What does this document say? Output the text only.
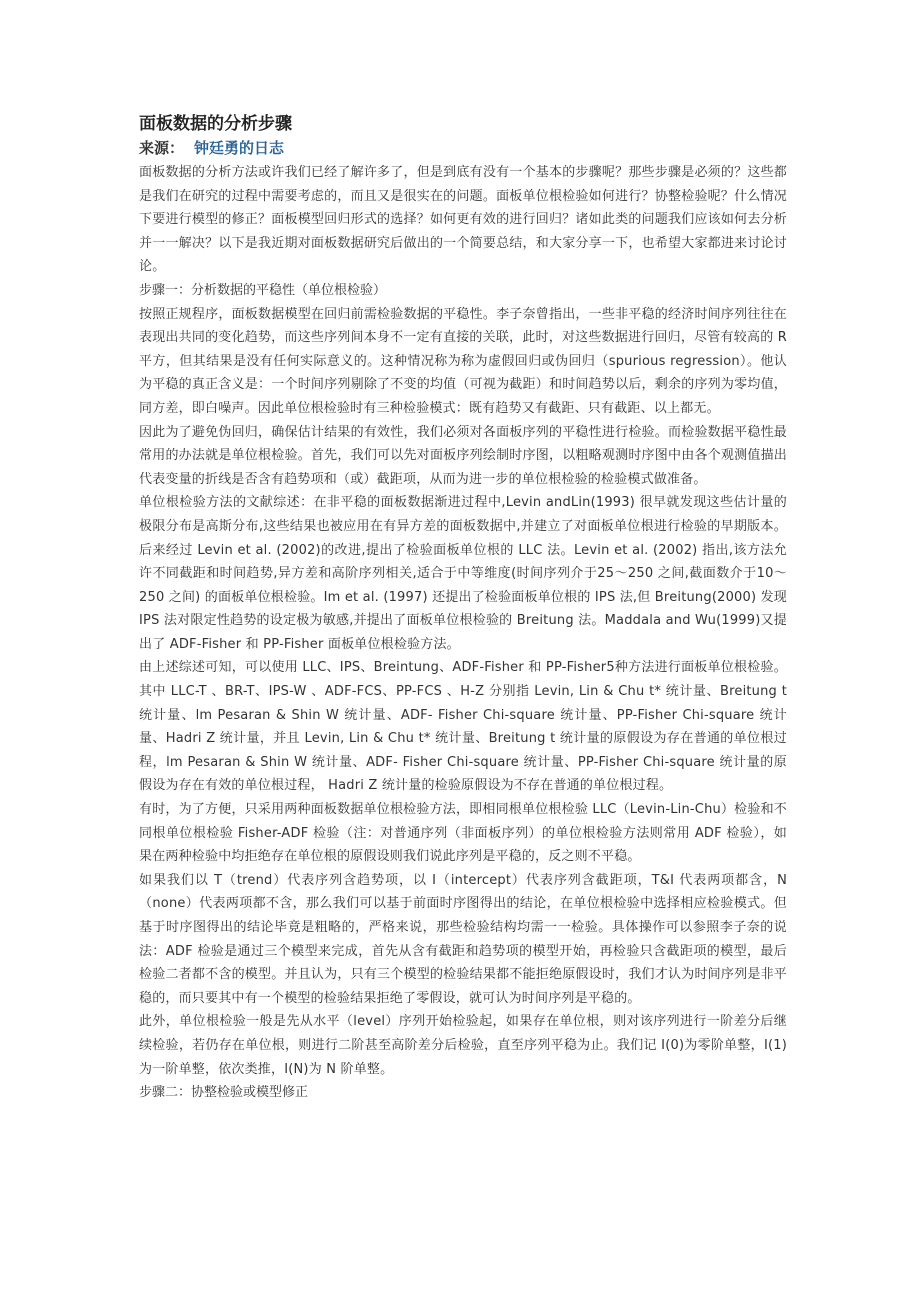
面板数据的分析步骤
来源： 钟廷勇的日志

面板数据的分析方法或许我们已经了解许多了，但是到底有没有一个基本的步骤呢？那些步骤是必须的？这些都是我们在研究的过程中需要考虑的，而且又是很实在的问题。面板单位根检验如何进行？协整检验呢？什么情况下要进行模型的修正？面板模型回归形式的选择？如何更有效的进行回归？诸如此类的问题我们应该如何去分析并一一解决？以下是我近期对面板数据研究后做出的一个简要总结，和大家分享一下，也希望大家都进来讨论讨论。

步骤一：分析数据的平稳性（单位根检验）

按照正规程序，面板数据模型在回归前需检验数据的平稳性。李子奈曾指出，一些非平稳的经济时间序列往往在表现出共同的变化趋势，而这些序列间本身不一定有直接的关联，此时，对这些数据进行回归，尽管有较高的 R 平方，但其结果是没有任何实际意义的。这种情况称为称为虚假回归或伪回归（spurious regression）。他认为平稳的真正含义是：一个时间序列剔除了不变的均值（可视为截距）和时间趋势以后，剩余的序列为零均值，同方差，即白噪声。因此单位根检验时有三种检验模式：既有趋势又有截距、只有截距、以上都无。

因此为了避免伪回归，确保估计结果的有效性，我们必须对各面板序列的平稳性进行检验。而检验数据平稳性最常用的办法就是单位根检验。首先，我们可以先对面板序列绘制时序图，以粗略观测时序图中由各个观测值描出代表变量的折线是否含有趋势项和（或）截距项，从而为进一步的单位根检验的检验模式做准备。

单位根检验方法的文献综述：在非平稳的面板数据渐进过程中,Levin andLin(1993) 很早就发现这些估计量的极限分布是高斯分布,这些结果也被应用在有异方差的面板数据中,并建立了对面板单位根进行检验的早期版本。后来经过 Levin et al. (2002)的改进,提出了检验面板单位根的 LLC 法。Levin et al. (2002) 指出,该方法允许不同截距和时间趋势,异方差和高阶序列相关,适合于中等维度(时间序列介于25～250 之间,截面数介于10～250 之间) 的面板单位根检验。Im et al. (1997) 还提出了检验面板单位根的 IPS 法,但 Breitung(2000) 发现 IPS 法对限定性趋势的设定极为敏感,并提出了面板单位根检验的 Breitung 法。Maddala and Wu(1999)又提出了 ADF-Fisher 和 PP-Fisher 面板单位根检验方法。

由上述综述可知，可以使用 LLC、IPS、Breintung、ADF-Fisher 和 PP-Fisher5种方法进行面板单位根检验。其中 LLC-T 、BR-T、IPS-W 、ADF-FCS、PP-FCS 、H-Z 分别指 Levin, Lin & Chu t* 统计量、Breitung t 统计量、lm Pesaran & Shin W 统计量、ADF- Fisher Chi-square 统计量、PP-Fisher Chi-square 统计量、Hadri Z 统计量，并且 Levin, Lin & Chu t* 统计量、Breitung t 统计量的原假设为存在普通的单位根过程，lm Pesaran & Shin W 统计量、ADF- Fisher Chi-square 统计量、PP-Fisher Chi-square 统计量的原假设为存在有效的单位根过程， Hadri Z 统计量的检验原假设为不存在普通的单位根过程。

有时，为了方便，只采用两种面板数据单位根检验方法，即相同根单位根检验 LLC（Levin-Lin-Chu）检验和不同根单位根检验 Fisher-ADF 检验（注：对普通序列（非面板序列）的单位根检验方法则常用 ADF 检验），如果在两种检验中均拒绝存在单位根的原假设则我们说此序列是平稳的，反之则不平稳。

如果我们以 T（trend）代表序列含趋势项，以 I（intercept）代表序列含截距项，T&I 代表两项都含，N（none）代表两项都不含，那么我们可以基于前面时序图得出的结论，在单位根检验中选择相应检验模式。但基于时序图得出的结论毕竟是粗略的，严格来说，那些检验结构均需一一检验。具体操作可以参照李子奈的说法：ADF 检验是通过三个模型来完成，首先从含有截距和趋势项的模型开始，再检验只含截距项的模型，最后检验二者都不含的模型。并且认为，只有三个模型的检验结果都不能拒绝原假设时，我们才认为时间序列是非平稳的，而只要其中有一个模型的检验结果拒绝了零假设，就可认为时间序列是平稳的。

此外，单位根检验一般是先从水平（level）序列开始检验起，如果存在单位根，则对该序列进行一阶差分后继续检验，若仍存在单位根，则进行二阶甚至高阶差分后检验，直至序列平稳为止。我们记 I(0)为零阶单整，I(1)为一阶单整，依次类推，I(N)为 N 阶单整。

步骤二：协整检验或模型修正
